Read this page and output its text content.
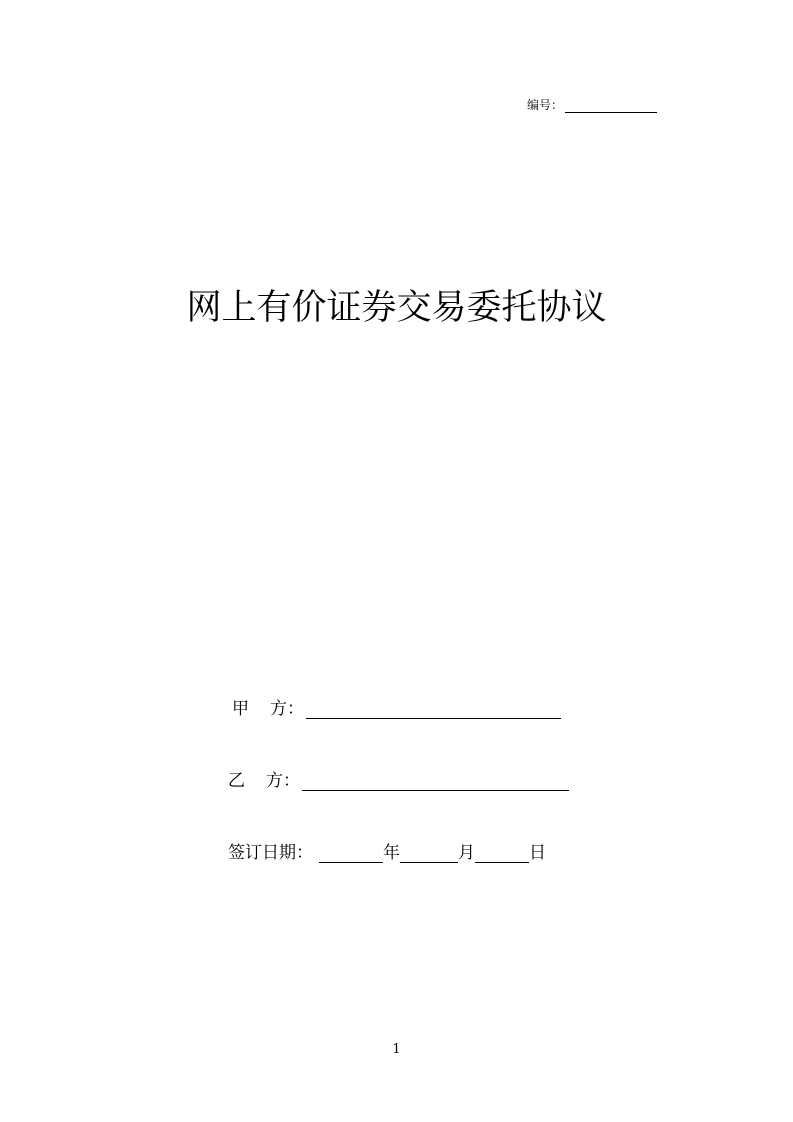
编号：
网上有价证券交易委托协议
甲 方：
乙 方：
签订日期：	年	月	日
1
